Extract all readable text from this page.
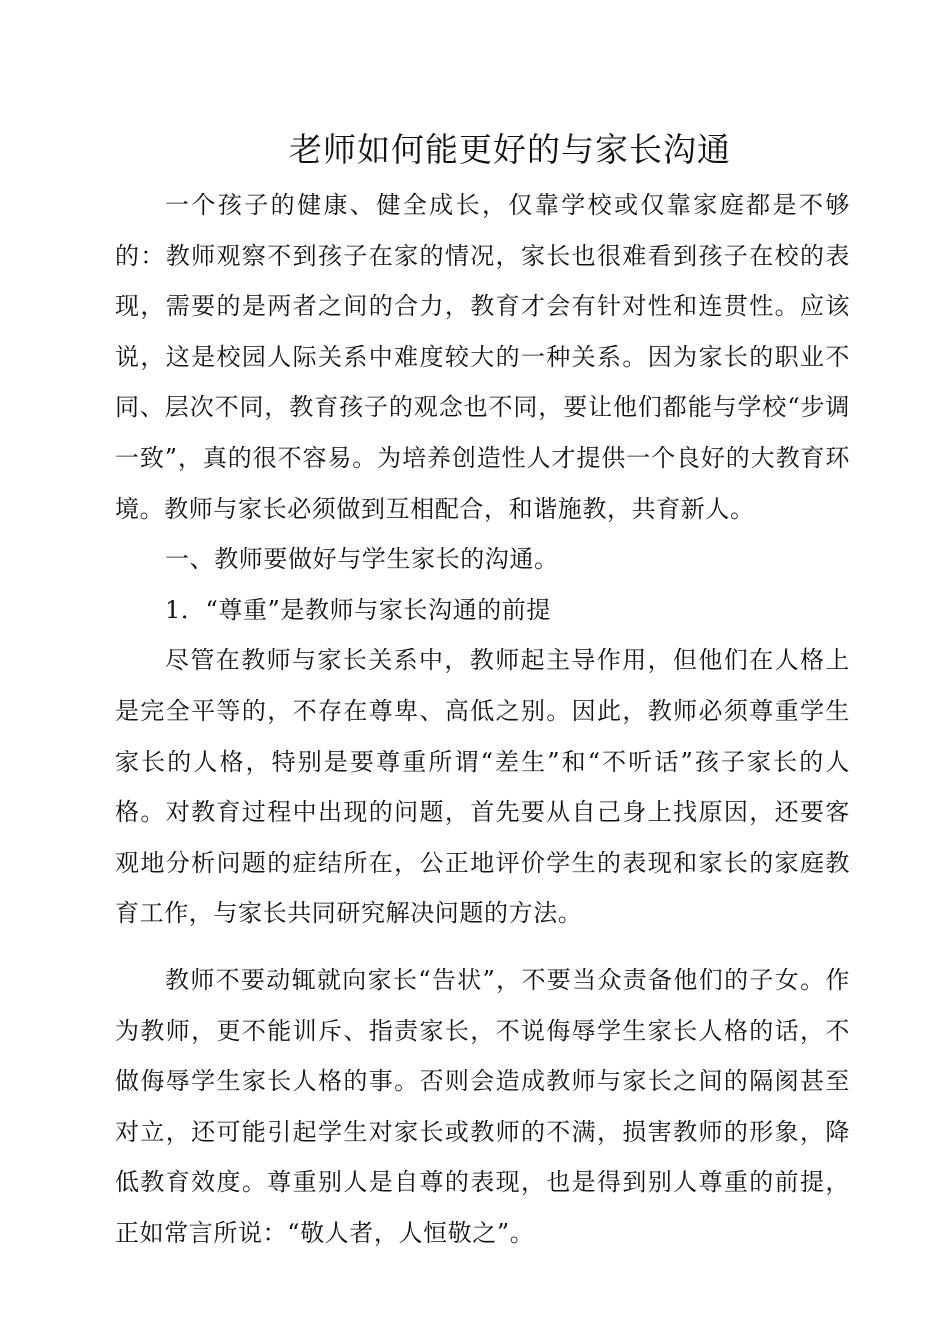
老师如何能更好的与家长沟通

一个孩子的健康、健全成长，仅靠学校或仅靠家庭都是不够的：教师观察不到孩子在家的情况，家长也很难看到孩子在校的表现，需要的是两者之间的合力，教育才会有针对性和连贯性。应该说，这是校园人际关系中难度较大的一种关系。因为家长的职业不同、层次不同，教育孩子的观念也不同，要让他们都能与学校“步调一致”，真的很不容易。为培养创造性人才提供一个良好的大教育环境。教师与家长必须做到互相配合，和谐施教，共育新人。

一、教师要做好与学生家长的沟通。

1．“尊重”是教师与家长沟通的前提

尽管在教师与家长关系中，教师起主导作用，但他们在人格上是完全平等的，不存在尊卑、高低之别。因此，教师必须尊重学生家长的人格，特别是要尊重所谓“差生”和“不听话”孩子家长的人格。对教育过程中出现的问题，首先要从自己身上找原因，还要客观地分析问题的症结所在，公正地评价学生的表现和家长的家庭教育工作，与家长共同研究解决问题的方法。

教师不要动辄就向家长“告状”，不要当众责备他们的子女。作为教师，更不能训斥、指责家长，不说侮辱学生家长人格的话，不做侮辱学生家长人格的事。否则会造成教师与家长之间的隔阂甚至对立，还可能引起学生对家长或教师的不满，损害教师的形象，降低教育效度。尊重别人是自尊的表现，也是得到别人尊重的前提，正如常言所说：“敬人者，人恒敬之”。
